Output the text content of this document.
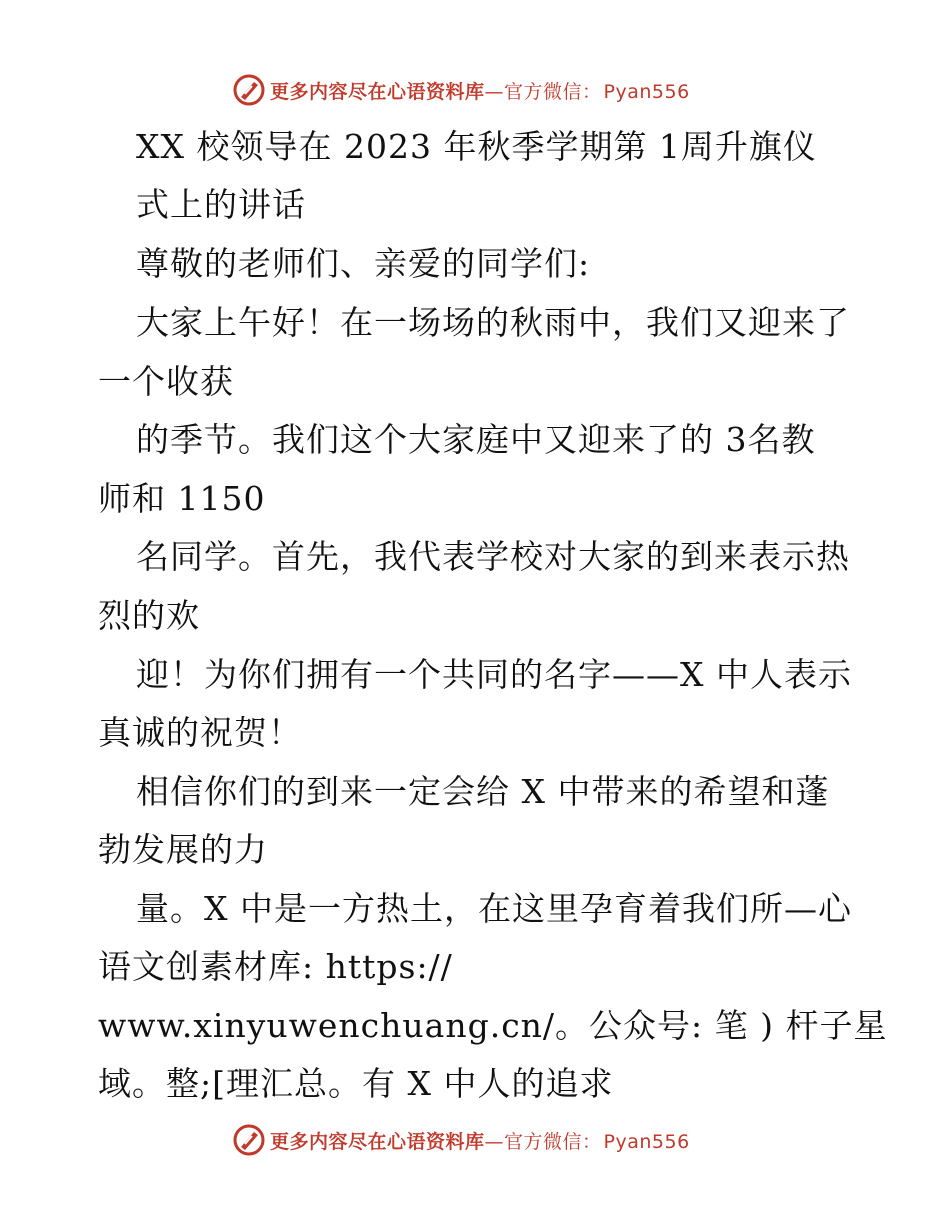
更多内容尽在心语资料库—官方微信： Pyan556
XX 校领导在 2023 年秋季学期第 1周升旗仪
式上的讲话
尊敬的老师们、亲爱的同学们:
大家上午好！在一场场的秋雨中，我们又迎来了
一个收获
的季节。我们这个大家庭中又迎来了的 3名教
师和 1150
名同学。首先，我代表学校对大家的到来表示热
烈的欢
迎！为你们拥有一个共同的名字——X 中人表示
真诚的祝贺！
相信你们的到来一定会给 X 中带来的希望和蓬
勃发展的力
量。X 中是一方热土，在这里孕育着我们所—心
语文创素材库: https://
www.xinyuwenchuang.cn/。公众号: 笔 ) 杆子星
域。整;[理汇总。有 X 中人的追求
更多内容尽在心语资料库—官方微信： Pyan556
